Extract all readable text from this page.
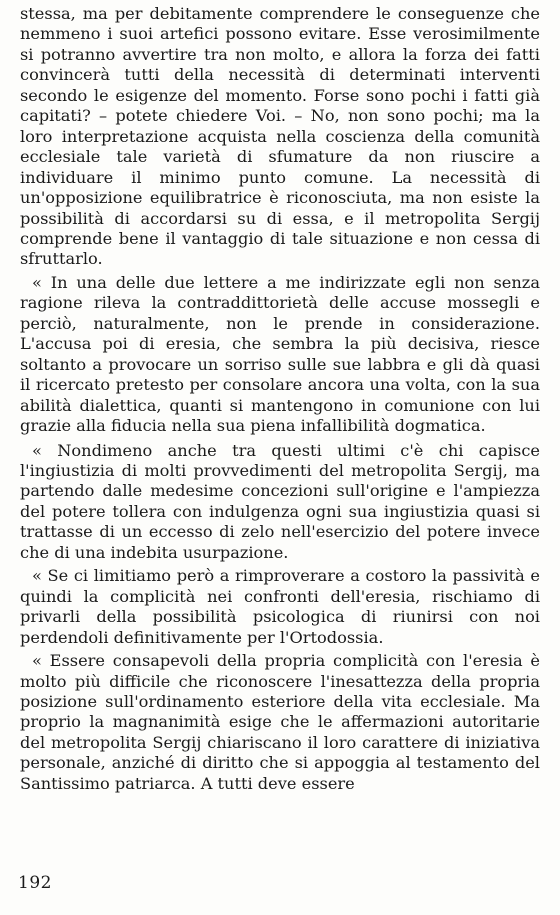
stessa, ma per debitamente comprendere le conseguenze che nemmeno i suoi artefici possono evitare. Esse verosimilmente si potranno avvertire tra non molto, e allora la forza dei fatti convincerà tutti della necessità di determinati interventi secondo le esigenze del momento. Forse sono pochi i fatti già capitati? – potete chiedere Voi. – No, non sono pochi; ma la loro interpretazione acquista nella coscienza della comunità ecclesiale tale varietà di sfumature da non riuscire a individuare il minimo punto comune. La necessità di un'opposizione equilibratrice è riconosciuta, ma non esiste la possibilità di accordarsi su di essa, e il metropolita Sergij comprende bene il vantaggio di tale situazione e non cessa di sfruttarlo.

« In una delle due lettere a me indirizzate egli non senza ragione rileva la contraddittorietà delle accuse mossegli e perciò, naturalmente, non le prende in considerazione. L'accusa poi di eresia, che sembra la più decisiva, riesce soltanto a provocare un sorriso sulle sue labbra e gli dà quasi il ricercato pretesto per consolare ancora una volta, con la sua abilità dialettica, quanti si mantengono in comunione con lui grazie alla fiducia nella sua piena infallibilità dogmatica.

« Nondimeno anche tra questi ultimi c'è chi capisce l'ingiustizia di molti provvedimenti del metropolita Sergij, ma partendo dalle medesime concezioni sull'origine e l'ampiezza del potere tollera con indulgenza ogni sua ingiustizia quasi si trattasse di un eccesso di zelo nell'esercizio del potere invece che di una indebita usurpazione.

« Se ci limitiamo però a rimproverare a costoro la passività e quindi la complicità nei confronti dell'eresia, rischiamo di privarli della possibilità psicologica di riunirsi con noi perdendoli definitivamente per l'Ortodossia.

« Essere consapevoli della propria complicità con l'eresia è molto più difficile che riconoscere l'inesattezza della propria posizione sull'ordinamento esteriore della vita ecclesiale. Ma proprio la magnanimità esige che le affermazioni autoritarie del metropolita Sergij chiariscano il loro carattere di iniziativa personale, anziché di diritto che si appoggia al testamento del Santissimo patriarca. A tutti deve essere

192
